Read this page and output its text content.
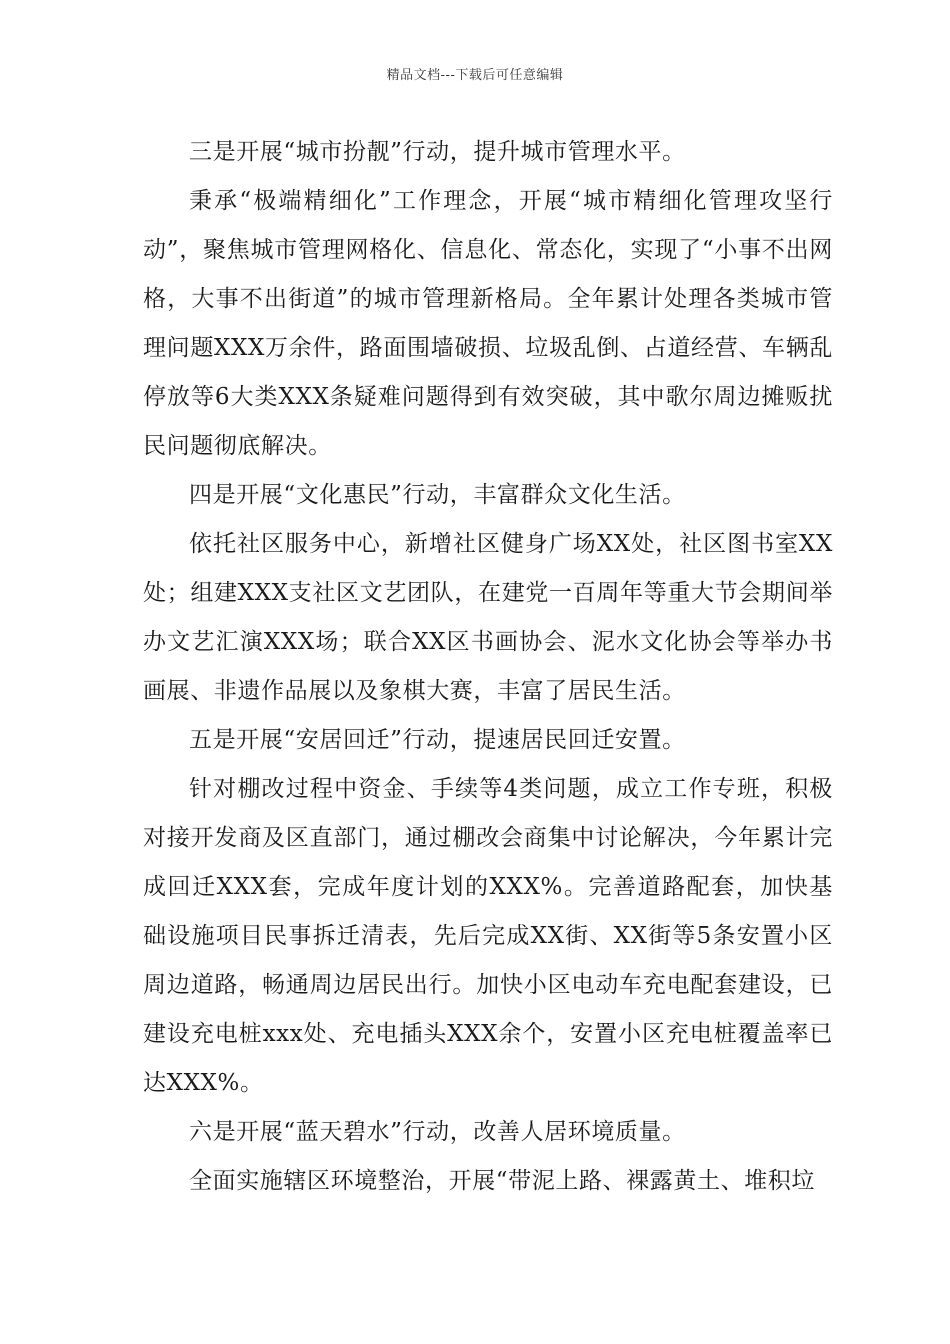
精品文档---下载后可任意编辑

三是开展“城市扮靓”行动，提升城市管理水平。

秉承“极端精细化”工作理念，开展“城市精细化管理攻坚行动”，聚焦城市管理网格化、信息化、常态化，实现了“小事不出网格，大事不出街道”的城市管理新格局。全年累计处理各类城市管理问题XXX万余件，路面围墙破损、垃圾乱倒、占道经营、车辆乱停放等6大类XXX条疑难问题得到有效突破，其中歌尔周边摊贩扰民问题彻底解决。

四是开展“文化惠民”行动，丰富群众文化生活。

依托社区服务中心，新增社区健身广场XX处，社区图书室XX处；组建XXX支社区文艺团队，在建党一百周年等重大节会期间举办文艺汇演XXX场；联合XX区书画协会、泥水文化协会等举办书画展、非遗作品展以及象棋大赛，丰富了居民生活。

五是开展“安居回迁”行动，提速居民回迁安置。

针对棚改过程中资金、手续等4类问题，成立工作专班，积极对接开发商及区直部门，通过棚改会商集中讨论解决，今年累计完成回迁XXX套，完成年度计划的XXX%。完善道路配套，加快基础设施项目民事拆迁清表，先后完成XX街、XX街等5条安置小区周边道路，畅通周边居民出行。加快小区电动车充电配套建设，已建设充电桩xxx处、充电插头XXX余个，安置小区充电桩覆盖率已达XXX%。

六是开展“蓝天碧水”行动，改善人居环境质量。

全面实施辖区环境整治，开展“带泥上路、裸露黄土、堆积垃
